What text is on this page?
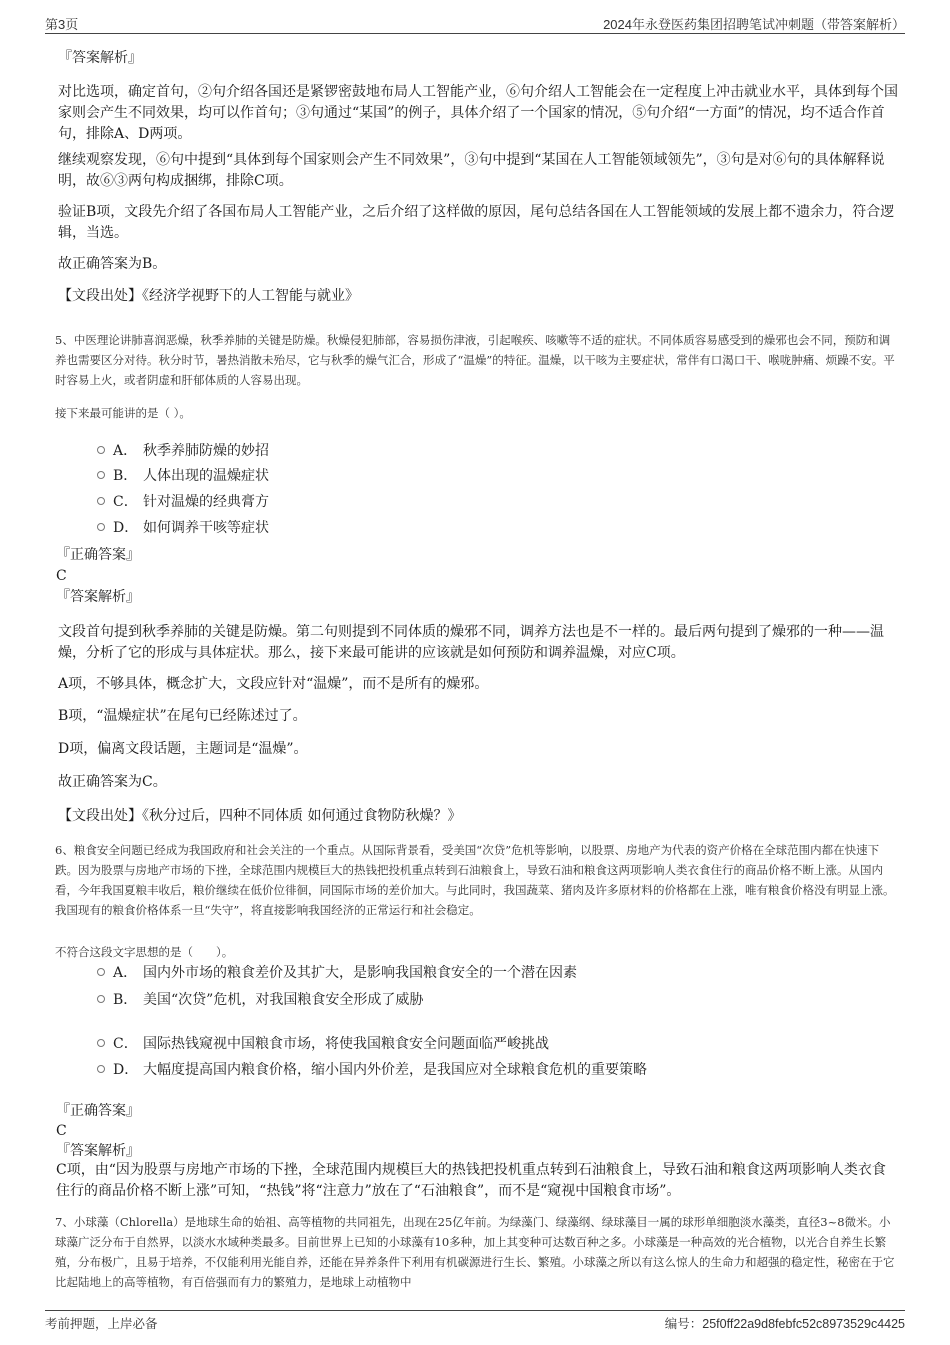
第3页	2024年永登医药集团招聘笔试冲刺题（带答案解析）
『答案解析』

对比选项，确定首句，②句介绍各国还是紧锣密鼓地布局人工智能产业，⑥句介绍人工智能会在一定程度上冲击就业水平，具体到每个国家则会产生不同效果，均可以作首句；③句通过“某国”的例子，具体介绍了一个国家的情况，⑤句介绍“一方面”的情况，均不适合作首句，排除A、D两项。

继续观察发现，⑥句中提到“具体到每个国家则会产生不同效果”，③句中提到“某国在人工智能领域领先”，③句是对⑥句的具体解释说明，故⑥③两句构成捆绑，排除C项。

验证B项，文段先介绍了各国布局人工智能产业，之后介绍了这样做的原因，尾句总结各国在人工智能领域的发展上都不遗余力，符合逻辑，当选。

故正确答案为B。

【文段出处】《经济学视野下的人工智能与就业》

5、中医理论讲肺喜润恶燥，秋季养肺的关键是防燥。秋燥侵犯肺部，容易损伤津液，引起喉疾、咳嗽等不适的症状。不同体质容易感受到的燥邪也会不同，预防和调养也需要区分对待。秋分时节，暑热消散未殆尽，它与秋季的燥气汇合，形成了“温燥”的特征。温燥，以干咳为主要症状，常伴有口渴口干、喉咙肿痛、烦躁不安。平时容易上火，或者阴虚和肝郁体质的人容易出现。

接下来最可能讲的是（ ）。

A． 秋季养肺防燥的妙招
B． 人体出现的温燥症状
C． 针对温燥的经典膏方
D． 如何调养干咳等症状
『正确答案』
C
『答案解析』

文段首句提到秋季养肺的关键是防燥。第二句则提到不同体质的燥邪不同，调养方法也是不一样的。最后两句提到了燥邪的一种——温燥，分析了它的形成与具体症状。那么，接下来最可能讲的应该就是如何预防和调养温燥，对应C项。

A项，不够具体，概念扩大，文段应针对“温燥”，而不是所有的燥邪。

B项，“温燥症状”在尾句已经陈述过了。

D项，偏离文段话题，主题词是“温燥”。

故正确答案为C。

【文段出处】《秋分过后，四种不同体质 如何通过食物防秋燥？》

6、粮食安全问题已经成为我国政府和社会关注的一个重点。从国际背景看，受美国“次贷”危机等影响，以股票、房地产为代表的资产价格在全球范围内都在快速下跌。因为股票与房地产市场的下挫，全球范围内规模巨大的热钱把投机重点转到石油粮食上，导致石油和粮食这两项影响人类衣食住行的商品价格不断上涨。从国内看，今年我国夏粮丰收后，粮价继续在低价位徘徊，同国际市场的差价加大。与此同时，我国蔬菜、猪肉及许多原材料的价格都在上涨，唯有粮食价格没有明显上涨。我国现有的粮食价格体系一旦“失守”，将直接影响我国经济的正常运行和社会稳定。

不符合这段文字思想的是（　　）。

A． 国内外市场的粮食差价及其扩大，是影响我国粮食安全的一个潜在因素
B． 美国“次贷”危机，对我国粮食安全形成了威胁
C． 国际热钱窥视中国粮食市场，将使我国粮食安全问题面临严峻挑战
D． 大幅度提高国内粮食价格，缩小国内外价差，是我国应对全球粮食危机的重要策略
『正确答案』
C
『答案解析』

C项，由“因为股票与房地产市场的下挫，全球范围内规模巨大的热钱把投机重点转到石油粮食上，导致石油和粮食这两项影响人类衣食住行的商品价格不断上涨”可知，“热钱”将“注意力”放在了“石油粮食”，而不是“窥视中国粮食市场”。

7、小球藻（Chlorella）是地球生命的始祖、高等植物的共同祖先，出现在25亿年前。为绿藻门、绿藻纲、绿球藻目一属的球形单细胞淡水藻类，直径3~8微米。小球藻广泛分布于自然界，以淡水水域种类最多。目前世界上已知的小球藻有10多种，加上其变种可达数百种之多。小球藻是一种高效的光合植物，以光合自养生长繁殖，分布极广，且易于培养，不仅能利用光能自养，还能在异养条件下利用有机碳源进行生长、繁殖。小球藻之所以有这么惊人的生命力和超强的稳定性，秘密在于它比起陆地上的高等植物，有百倍强而有力的繁殖力，是地球上动植物中

考前押题，上岸必备	编号：25f0ff22a9d8febfc52c8973529c4425
